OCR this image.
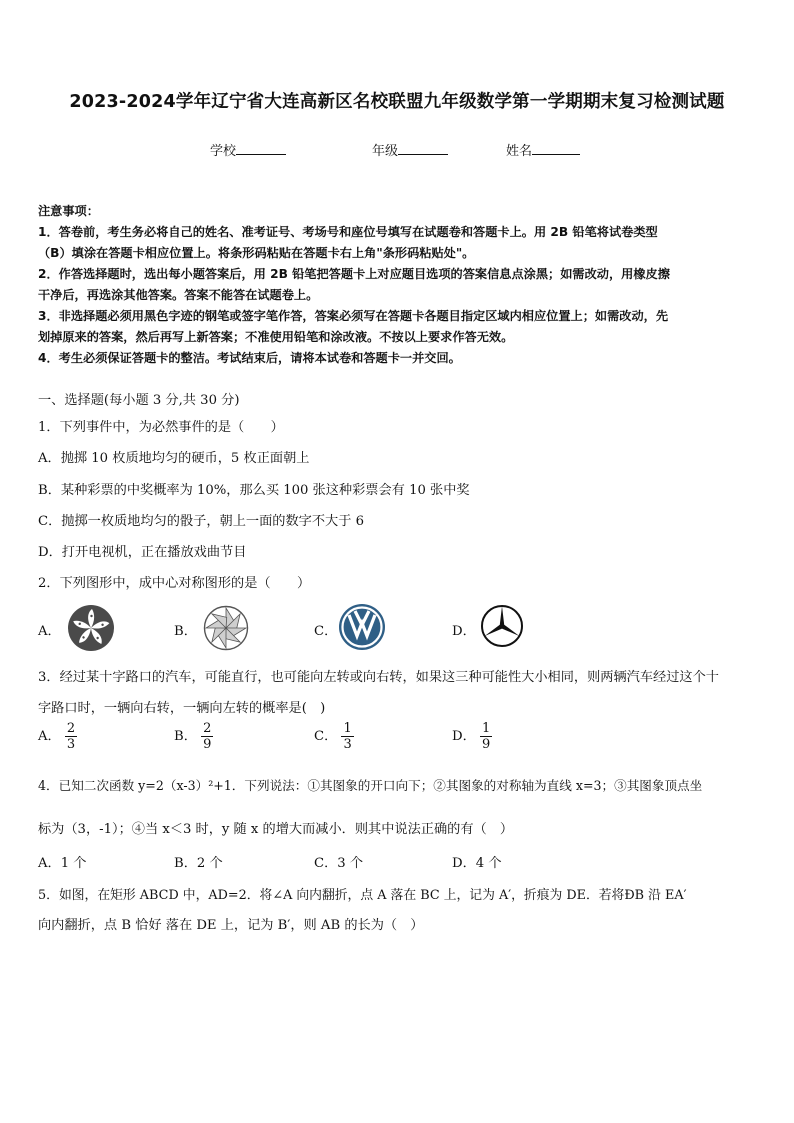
2023-2024学年辽宁省大连高新区名校联盟九年级数学第一学期期末复习检测试题
学校	年级	姓名
注意事项：
1．答卷前，考生务必将自己的姓名、准考证号、考场号和座位号填写在试题卷和答题卡上。用 2B 铅笔将试卷类型
（B）填涂在答题卡相应位置上。将条形码粘贴在答题卡右上角"条形码粘贴处"。
2．作答选择题时，选出每小题答案后，用 2B 铅笔把答题卡上对应题目选项的答案信息点涂黑；如需改动，用橡皮擦
干净后，再选涂其他答案。答案不能答在试题卷上。
3．非选择题必须用黑色字迹的钢笔或签字笔作答，答案必须写在答题卡各题目指定区域内相应位置上；如需改动，先
划掉原来的答案，然后再写上新答案；不准使用铅笔和涂改液。不按以上要求作答无效。
4．考生必须保证答题卡的整洁。考试结束后，请将本试卷和答题卡一并交回。
一、选择题(每小题 3 分,共 30 分)
1．下列事件中，为必然事件的是（　　）
A．抛掷 10 枚质地均匀的硬币，5 枚正面朝上
B．某种彩票的中奖概率为 10%，那么买 100 张这种彩票会有 10 张中奖
C．抛掷一枚质地均匀的骰子，朝上一面的数字不大于 6
D．打开电视机，正在播放戏曲节目
2．下列图形中，成中心对称图形的是（　　）
A．	B．	C．	D．
3．经过某十字路口的汽车，可能直行，也可能向左转或向右转，如果这三种可能性大小相同，则两辆汽车经过这个十
字路口时，一辆向右转，一辆向左转的概率是(　)
A． $\frac{2}{3}$	B． $\frac{2}{9}$	C． $\frac{1}{3}$	D． $\frac{1}{9}$
4．已知二次函数 y=2（x-3）²+1．下列说法：①其图象的开口向下；②其图象的对称轴为直线 x=3；③其图象顶点坐
标为（3，-1）；④当 x＜3 时，y 随 x 的增大而减小．则其中说法正确的有（　）
A．1 个	B．2 个	C．3 个	D．4 个
5．如图，在矩形 ABCD 中，AD=2．将∠A 向内翻折，点 A 落在 BC 上，记为 A′，折痕为 DE．若将ÐB 沿 EA′
向内翻折，点 B 恰好 落在 DE 上，记为 B′，则 AB 的长为（　）
